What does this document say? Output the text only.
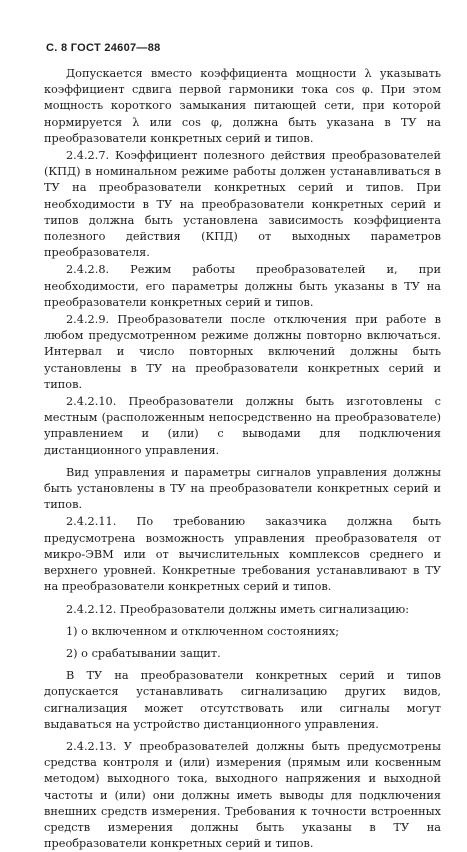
С. 8 ГОСТ 24607—88

Допускается вместо коэффициента мощности λ указывать коэффициент сдвига первой гармоники тока cos φ. При этом мощность короткого замыкания питающей сети, при которой нормируется λ или cos φ, должна быть указана в ТУ на преобразователи конкретных серий и типов.

2.4.2.7. Коэффициент полезного действия преобразователей (КПД) в номинальном режиме работы должен устанавливаться в ТУ на преобразователи конкретных серий и типов. При необходимости в ТУ на преобразователи конкретных серий и типов должна быть установлена зависимость коэффициента полезного действия (КПД) от выходных параметров преобразователя.

2.4.2.8. Режим работы преобразователей и, при необходимости, его параметры должны быть указаны в ТУ на преобразователи конкретных серий и типов.

2.4.2.9. Преобразователи после отключения при работе в любом предусмотренном режиме должны повторно включаться. Интервал и число повторных включений должны быть установлены в ТУ на преобразователи конкретных серий и типов.

2.4.2.10. Преобразователи должны быть изготовлены с местным (расположенным непосредственно на преобразователе) управлением и (или) с выводами для подключения дистанционного управления.

Вид управления и параметры сигналов управления должны быть установлены в ТУ на преобразователи конкретных серий и типов.

2.4.2.11. По требованию заказчика должна быть предусмотрена возможность управления преобразователя от микро-ЭВМ или от вычислительных комплексов среднего и верхнего уровней. Конкретные требования устанавливают в ТУ на преобразователи конкретных серий и типов.

2.4.2.12. Преобразователи должны иметь сигнализацию:

1) о включенном и отключенном состояниях;

2) о срабатывании защит.

В ТУ на преобразователи конкретных серий и типов допускается устанавливать сигнализацию других видов, сигнализация может отсутствовать или сигналы могут выдаваться на устройство дистанционного управления.

2.4.2.13. У преобразователей должны быть предусмотрены средства контроля и (или) измерения (прямым или косвенным методом) выходного тока, выходного напряжения и выходной частоты и (или) они должны иметь выводы для подключения внешних средств измерения. Требования к точности встроенных средств измерения должны быть указаны в ТУ на преобразователи конкретных серий и типов.
